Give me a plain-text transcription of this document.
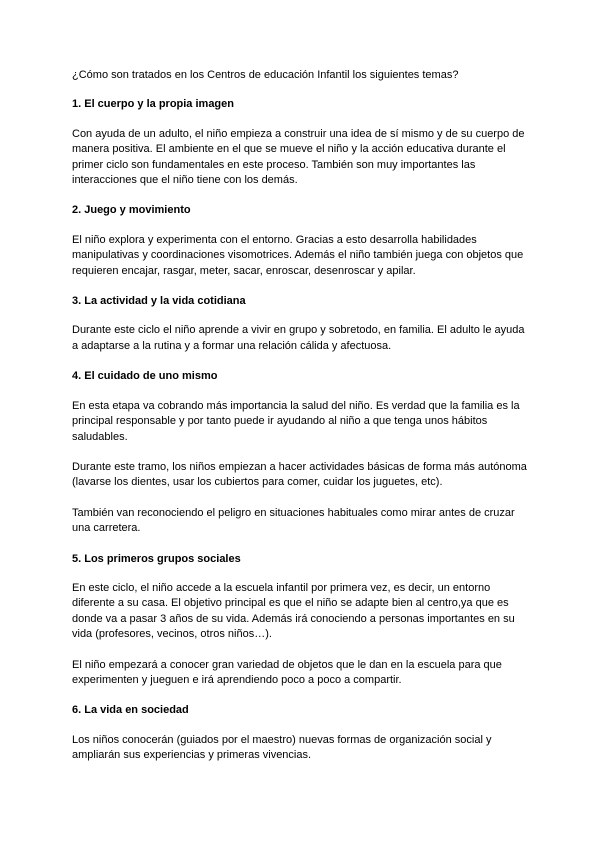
¿Cómo son tratados en los Centros de educación Infantil los siguientes temas?

1. El cuerpo y la propia imagen

Con ayuda de un adulto, el niño empieza a construir una idea de sí mismo y de su cuerpo de manera positiva. El ambiente en el que se mueve el niño y la acción educativa durante el primer ciclo son fundamentales en este proceso. También son muy importantes las interacciones que el niño tiene con los demás.

2. Juego y movimiento

El niño explora y experimenta con el entorno. Gracias a esto desarrolla habilidades manipulativas y coordinaciones visomotrices. Además el niño también juega con objetos que requieren encajar, rasgar, meter, sacar, enroscar, desenroscar y apilar.

3. La actividad y la vida cotidiana

Durante este ciclo el niño aprende a vivir en grupo y sobretodo, en familia. El adulto le ayuda a adaptarse a la rutina y a formar una relación cálida y afectuosa.

4. El cuidado de uno mismo

En esta etapa va cobrando más importancia la salud del niño. Es verdad que la familia es la principal responsable y por tanto puede ir ayudando al niño a que tenga unos hábitos saludables.

Durante este tramo, los niños empiezan a hacer actividades básicas de forma más autónoma (lavarse los dientes, usar los cubiertos para comer, cuidar los juguetes, etc).

También van reconociendo el peligro en situaciones habituales como mirar antes de cruzar una carretera.

5. Los primeros grupos sociales

En este ciclo, el niño accede a la escuela infantil por primera vez, es decir, un entorno diferente a su casa. El objetivo principal es que el niño se adapte bien al centro,ya que es donde va a pasar 3 años de su vida. Además irá conociendo a personas importantes en su vida (profesores, vecinos, otros niños…).

El niño empezará a conocer gran variedad de objetos que le dan en la escuela para que experimenten y jueguen e irá aprendiendo poco a poco a compartir.

6. La vida en sociedad

Los niños conocerán (guiados por el maestro) nuevas formas de organización social y ampliarán sus experiencias y primeras vivencias.
